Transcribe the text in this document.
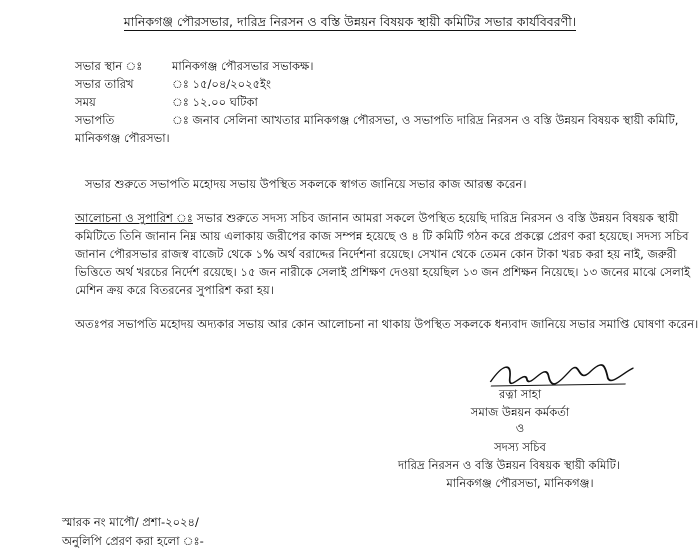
মানিকগঞ্জ পৌরসভার, দারিদ্র নিরসন ও বস্তি উন্নয়ন বিষয়ক স্থায়ী কমিটির সভার কার্যবিবরণী।
সভার স্থান ঃ	মানিকগঞ্জ পৌরসভার সভাকক্ষ।
সভার তারিখ	ঃ ১৫/০৪/২০২৫ইং
সময়	ঃ ১২.০০ ঘটিকা
সভাপতি	ঃ জনাব সেলিনা আখতার মানিকগঞ্জ পৌরসভা, ও সভাপতি দারিদ্র নিরসন ও বস্তি উন্নয়ন বিষয়ক স্থায়ী কমিটি,
মানিকগঞ্জ পৌরসভা।
সভার শুরুতে সভাপতি মহোদয় সভায় উপস্থিত সকলকে স্বাগত জানিয়ে সভার কাজ আরম্ভ করেন।
আলোচনা ও সুপারিশ ঃ সভার শুরুতে সদস্য সচিব জানান আমরা সকলে উপস্থিত হয়েছি দারিদ্র নিরসন ও বস্তি উন্নয়ন বিষয়ক স্থায়ী
কমিটিতে তিনি জানান নিম্ন আয় এলাকায় জরীপের কাজ সম্পন্ন হয়েছে ও ৪ টি কমিটি গঠন করে প্রকল্পে প্রেরণ করা হয়েছে। সদস্য সচিব
জানান পৌরসভার রাজস্ব বাজেট থেকে ১% অর্থ বরাদ্দের নির্দেশনা রয়েছে। সেখান থেকে তেমন কোন টাকা খরচ করা হয় নাই, জরুরী
ভিত্তিতে অর্থ খরচের নির্দেশ রয়েছে। ১৫ জন নারীকে সেলাই প্রশিক্ষণ দেওয়া হয়েছিল ১৩ জন প্রশিক্ষন নিয়েছে। ১৩ জনের মাঝে সেলাই
মেশিন ক্রয় করে বিতরনের সুপারিশ করা হয়।
অতঃপর সভাপতি মহোদয় অদ্যকার সভায় আর কোন আলোচনা না থাকায় উপস্থিত সকলকে ধন্যবাদ জানিয়ে সভার সমাপ্তি ঘোষণা করেন।
রত্না সাহা
সমাজ উন্নয়ন কর্মকর্তা
ও
সদস্য সচিব
দারিদ্র নিরসন ও বস্তি উন্নয়ন বিষয়ক স্থায়ী কমিটি।
মানিকগঞ্জ পৌরসভা, মানিকগঞ্জ।
স্মারক নং মাপৌ/ প্রশা-২০২৪/
অনুলিপি প্রেরণ করা হলো ঃ-
